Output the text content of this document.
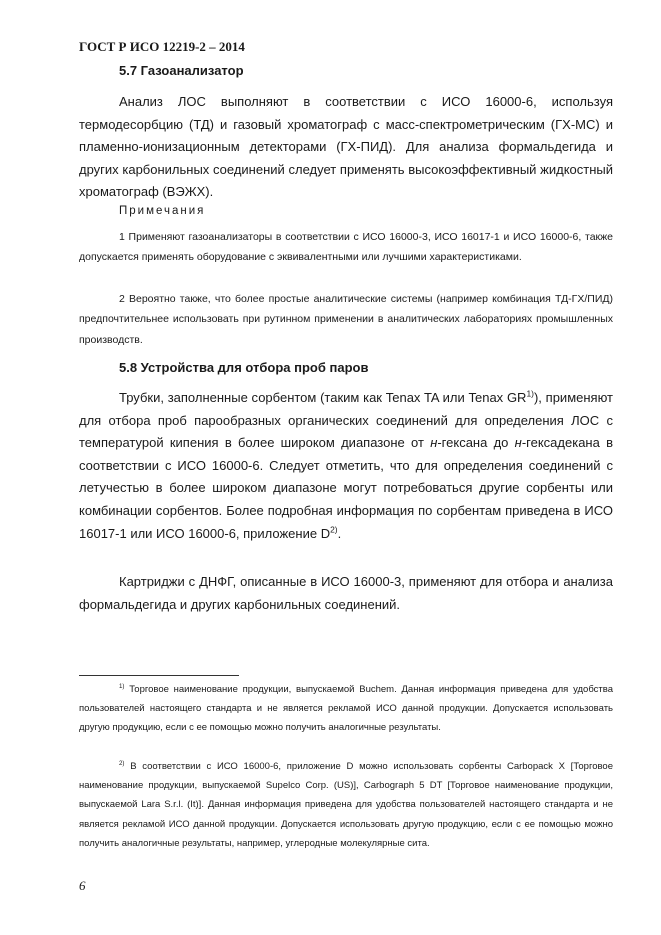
ГОСТ Р ИСО 12219-2 – 2014
5.7 Газоанализатор

Анализ ЛОС выполняют в соответствии с ИСО 16000-6, используя термодесорбцию (ТД) и газовый хроматограф с масс-спектрометрическим (ГХ-МС) и пламенно-ионизационным детекторами (ГХ-ПИД). Для анализа формальдегида и других карбонильных соединений следует применять высокоэффективный жидкостный хроматограф (ВЭЖХ).

Примечания

1 Применяют газоанализаторы в соответствии с ИСО 16000-3, ИСО 16017-1 и ИСО 16000-6, также допускается применять оборудование с эквивалентными или лучшими характеристиками.

2 Вероятно также, что более простые аналитические системы (например комбинация ТД-ГХ/ПИД) предпочтительнее использовать при рутинном применении в аналитических лабораториях промышленных производств.

5.8 Устройства для отбора проб паров

Трубки, заполненные сорбентом (таким как Tenax TA или Tenax GR$^{1)}$), применяют для отбора проб парообразных органических соединений для определения ЛОС с температурой кипения в более широком диапазоне от н-гексана до н-гексадекана в соответствии с ИСО 16000-6. Следует отметить, что для определения соединений с летучестью в более широком диапазоне могут потребоваться другие сорбенты или комбинации сорбентов. Более подробная информация по сорбентам приведена в ИСО 16017-1 или ИСО 16000-6, приложение $D^{2)}$.

Картриджи с ДНФГ, описанные в ИСО 16000-3, применяют для отбора и анализа формальдегида и других карбонильных соединений.

$^{1)}$ Торговое наименование продукции, выпускаемой Buchem. Данная информация приведена для удобства пользователей настоящего стандарта и не является рекламой ИСО данной продукции. Допускается использовать другую продукцию, если с ее помощью можно получить аналогичные результаты.

$^{2)}$ В соответствии с ИСО 16000-6, приложение D можно использовать сорбенты Carbopack X [Торговое наименование продукции, выпускаемой Supelco Corp. (US)], Carbograph 5 DT [Торговое наименование продукции, выпускаемой Lara S.r.l. (It)]. Данная информация приведена для удобства пользователей настоящего стандарта и не является рекламой ИСО данной продукции. Допускается использовать другую продукцию, если с ее помощью можно получить аналогичные результаты, например, углеродные молекулярные сита.

6
